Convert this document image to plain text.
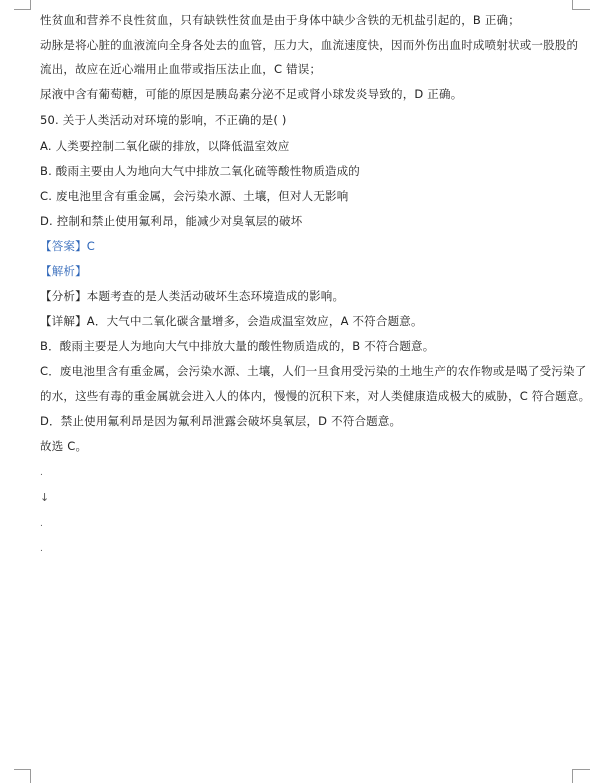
性贫血和营养不良性贫血，只有缺铁性贫血是由于身体中缺少含铁的无机盐引起的，B 正确；
动脉是将心脏的血液流向全身各处去的血管，压力大，血流速度快，因而外伤出血时成喷射状或一股股的
流出，故应在近心端用止血带或指压法止血，C 错误；
尿液中含有葡萄糖，可能的原因是胰岛素分泌不足或肾小球发炎导致的，D 正确。
50. 关于人类活动对环境的影响，不正确的是( )
A. 人类要控制二氧化碳的排放，以降低温室效应
B. 酸雨主要由人为地向大气中排放二氧化硫等酸性物质造成的
C. 废电池里含有重金属，会污染水源、土壤，但对人无影响
D. 控制和禁止使用氟利昂，能减少对臭氧层的破坏
【答案】C
【解析】
【分析】本题考查的是人类活动破坏生态环境造成的影响。
【详解】A．大气中二氧化碳含量增多，会造成温室效应，A 不符合题意。
B．酸雨主要是人为地向大气中排放大量的酸性物质造成的，B 不符合题意。
C．废电池里含有重金属，会污染水源、土壤，人们一旦食用受污染的土地生产的农作物或是喝了受污染了
的水，这些有毒的重金属就会进入人的体内，慢慢的沉积下来，对人类健康造成极大的威胁，C 符合题意。
D．禁止使用氟利昂是因为氟利昂泄露会破坏臭氧层，D 不符合题意。
故选 C。
.
↓
.
.
